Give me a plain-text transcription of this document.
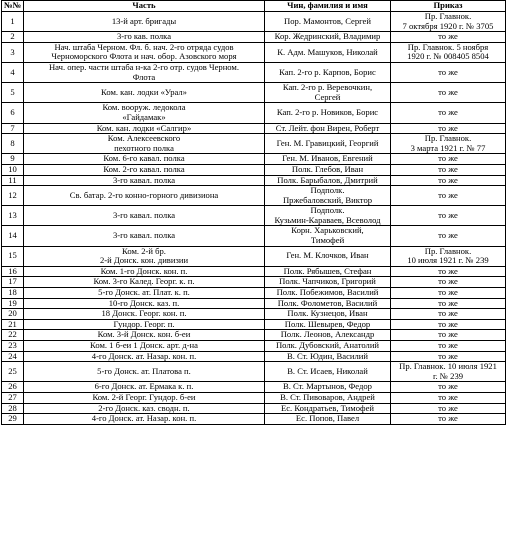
№№	Часть	Чин, фамилия и имя	Приказ
1	13-й арт. бригады	Пор. Мамонтов, Сергей	Пр. Главнок.
7 октября 1920 г. № 3705
2	3-го кав. полка	Кор. Жедринский, Владимир	то же
3	Нач. штаба Черном. Фл. б. нач. 2-го отряда судов
Черноморского Флота и нач. обор. Азовского моря	К. Адм. Машуков, Николай	Пр. Главнок. 5 ноября
1920 г. № 008405 8504
4	Нач. опер. части штаба н-ка 2-го отр. судов Черном.
Флота	Кап. 2-го р. Карпов, Борис	то же
5	Ком. кан. лодки «Урал»	Кап. 2-го р. Веревочкин,
Сергей	то же
6	Ком. вооруж. ледокола
«Гайдамак»	Кап. 2-го р. Новиков, Борис	то же
7	Ком. кан. лодки «Салгир»	Ст. Лейт. фон Вирен, Роберт	то же
8	Ком. Алексеевского
пехотного полка	Ген. М. Гравицкий, Георгий	Пр. Главнок.
3 марта 1921 г. № 77
9	Ком. 6-го кавал. полка	Ген. М. Иванов, Евгений	то же
10	Ком. 2-го кавал. полка	Полк. Глебов, Иван	то же
11	3-го кавал. полка	Полк. Барыбалов, Дмитрий	то же
12	Св. батар. 2-го конно-горного дивизиона	Подполк.
Пржебаловский, Виктор	то же
13	3-го кавал. полка	Подполк.
Кузьмин-Караваев, Всеволод	то же
14	3-го кавал. полка	Корн. Харьковский,
Тимофей	то же
15	Ком. 2-й бр.
2-й Донск. кон. дивизии	Ген. М. Клочков, Иван	Пр. Главнок.
10 июля 1921 г. № 239
16	Ком. 1-го Донск. кон. п.	Полк. Рябышев, Стефан	то же
17	Ком. 3-го Калед. Георг. к. п.	Полк. Чапчиков, Григорий	то же
18	5-го Донск. ат. Плат. к. п.	Полк. Побежимов, Василий	то же
19	10-го Донск. каз. п.	Полк. Фолометов, Василий	то же
20	18 Донск. Георг. кон. п.	Полк. Кузнецов, Иван	то же
21	Гундор. Георг. п.	Полк. Шевырев, Федор	то же
22	Ком. 3-й Донск. кон. б-еи	Полк. Леонов, Александр	то же
23	Ком. 1 б-еи 1 Донск. арт. д-на	Полк. Дубовский, Анатолий	то же
24	4-го Донск. ат. Назар. кон. п.	В. Ст. Юдин, Василий	то же
25	5-го Донск. ат. Платова п.	В. Ст. Исаев, Николай	Пр. Главнок. 10 июля 1921
г. № 239
26	6-го Донск. ат. Ермака к. п.	В. Ст. Мартынов, Федор	то же
27	Ком. 2-й Георг. Гундор. б-еи	В. Ст. Пивоваров, Андрей	то же
28	2-го Донск. каз. сводн. п.	Ес. Кондратьев, Тимофей	то же
29	4-го Донск. ат. Назар. кон. п.	Ес. Попов, Павел	то же
